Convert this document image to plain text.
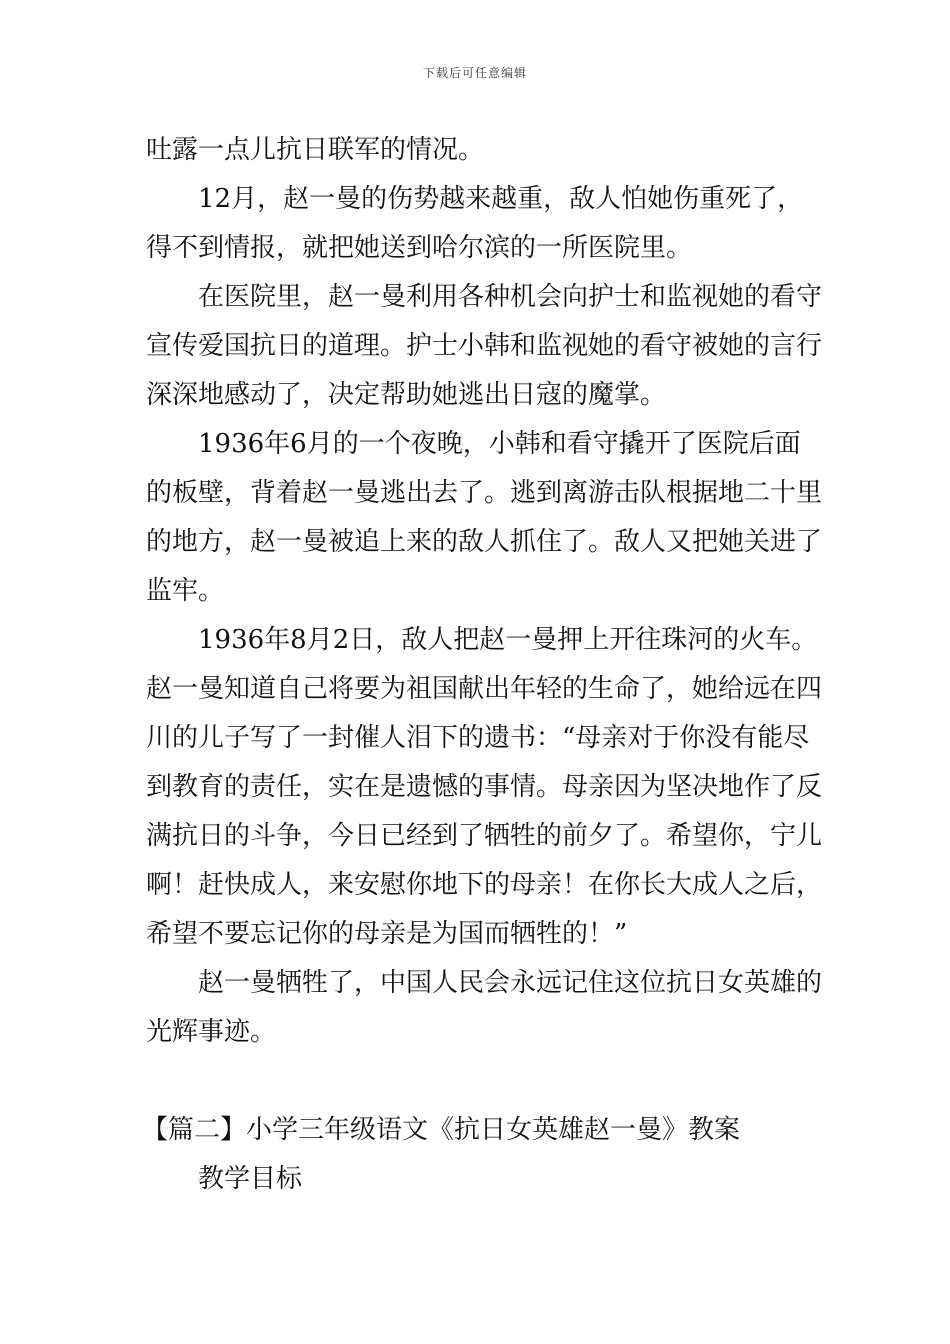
下载后可任意编辑

吐露一点儿抗日联军的情况。

12月，赵一曼的伤势越来越重，敌人怕她伤重死了，得不到情报，就把她送到哈尔滨的一所医院里。

在医院里，赵一曼利用各种机会向护士和监视她的看守宣传爱国抗日的道理。护士小韩和监视她的看守被她的言行深深地感动了，决定帮助她逃出日寇的魔掌。

1936年6月的一个夜晚，小韩和看守撬开了医院后面的板壁，背着赵一曼逃出去了。逃到离游击队根据地二十里的地方，赵一曼被追上来的敌人抓住了。敌人又把她关进了监牢。

1936年8月2日，敌人把赵一曼押上开往珠河的火车。赵一曼知道自己将要为祖国献出年轻的生命了，她给远在四川的儿子写了一封催人泪下的遗书：“母亲对于你没有能尽到教育的责任，实在是遗憾的事情。母亲因为坚决地作了反满抗日的斗争，今日已经到了牺牲的前夕了。希望你，宁儿啊！赶快成人，来安慰你地下的母亲！在你长大成人之后，希望不要忘记你的母亲是为国而牺牲的！”

赵一曼牺牲了，中国人民会永远记住这位抗日女英雄的光辉事迹。

【篇二】小学三年级语文《抗日女英雄赵一曼》教案

教学目标
